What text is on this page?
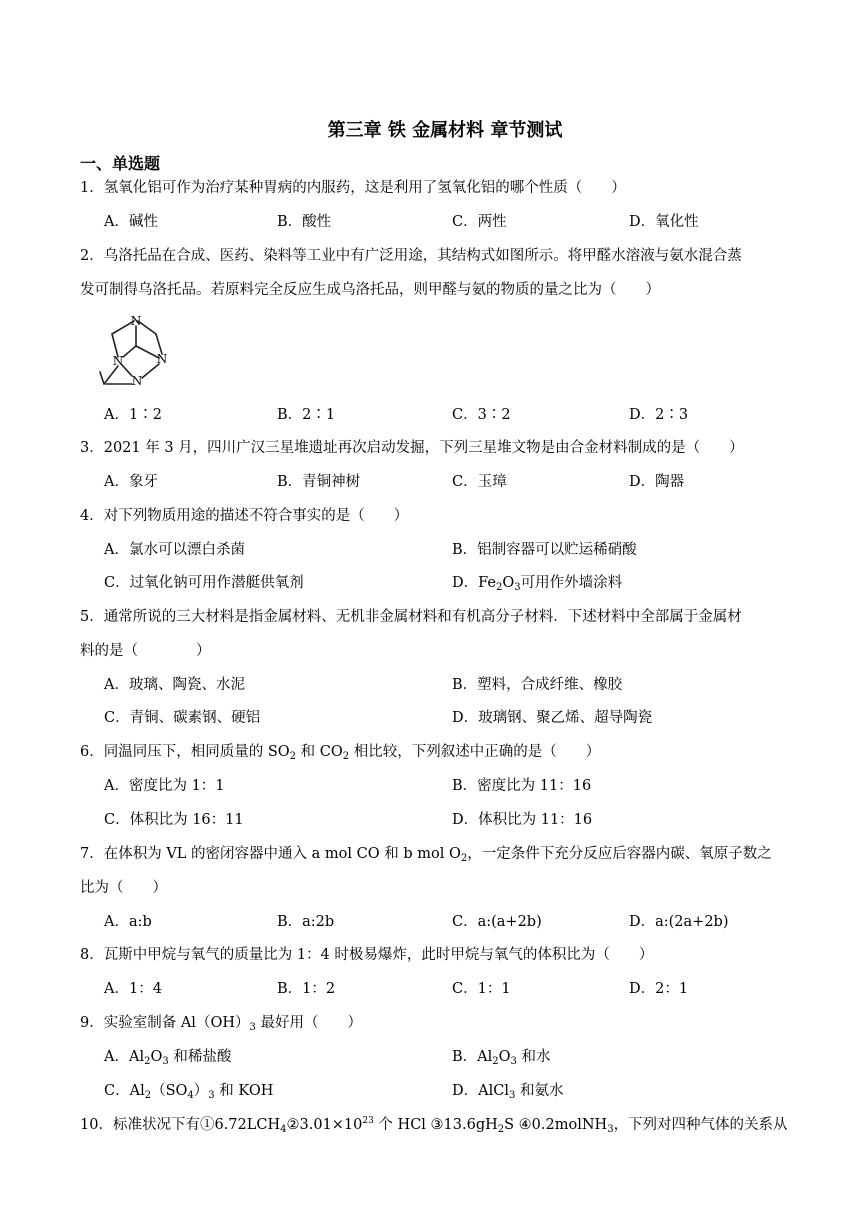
第三章 铁 金属材料 章节测试
一、单选题
1．氢氧化铝可作为治疗某种胃病的内服药，这是利用了氢氧化铝的哪个性质（　　）
A．碱性	B．酸性	C．两性	D．氧化性
2．乌洛托品在合成、医药、染料等工业中有广泛用途，其结构式如图所示。将甲醛水溶液与氨水混合蒸
发可制得乌洛托品。若原料完全反应生成乌洛托品，则甲醛与氨的物质的量之比为（　　）
N
N	N
N
A．1∶2	B．2∶1	C．3∶2	D．2∶3
3．2021 年 3 月，四川广汉三星堆遗址再次启动发掘，下列三星堆文物是由合金材料制成的是（　　）
A．象牙	B．青铜神树	C．玉璋	D．陶器
4．对下列物质用途的描述不符合事实的是（　　）
A．氯水可以漂白杀菌	B．铝制容器可以贮运稀硝酸
C．过氧化钠可用作潜艇供氧剂	D．$Fe_2O_3$可用作外墙涂料
5．通常所说的三大材料是指金属材料、无机非金属材料和有机高分子材料．下述材料中全部属于金属材
料的是（　　　　）
A．玻璃、陶瓷、水泥	B．塑料，合成纤维、橡胶
C．青铜、碳素钢、硬铝	D．玻璃钢、聚乙烯、超导陶瓷
6．同温同压下，相同质量的 $SO_2$ 和 $CO_2$ 相比较，下列叙述中正确的是（　　）
A．密度比为 1：1	B．密度比为 11：16
C．体积比为 16：11	D．体积比为 11：16
7．在体积为 VL 的密闭容器中通入 a mol CO 和 b mol $O_2$，一定条件下充分反应后容器内碳、氧原子数之
比为（　　）
A．a:b	B．a:2b	C．a:(a+2b)	D．a:(2a+2b)
8．瓦斯中甲烷与氧气的质量比为 1：4 时极易爆炸，此时甲烷与氧气的体积比为（　　）
A．1：4	B．1：2	C．1：1	D．2：1
9．实验室制备 $Al(OH)_3$ 最好用（　　）
A．$Al_2O_3$ 和稀盐酸	B．$Al_2O_3$ 和水
C．$Al_2(SO_4)_3$ 和 KOH	D．AlCl$_3$ 和氨水
10．标准状况下有$①6.72LCH_4②3.01\times 10^{23}$ 个 HCl $③13.6gH_2S$ ④0.2molNH$_3$，下列对四种气体的关系从
